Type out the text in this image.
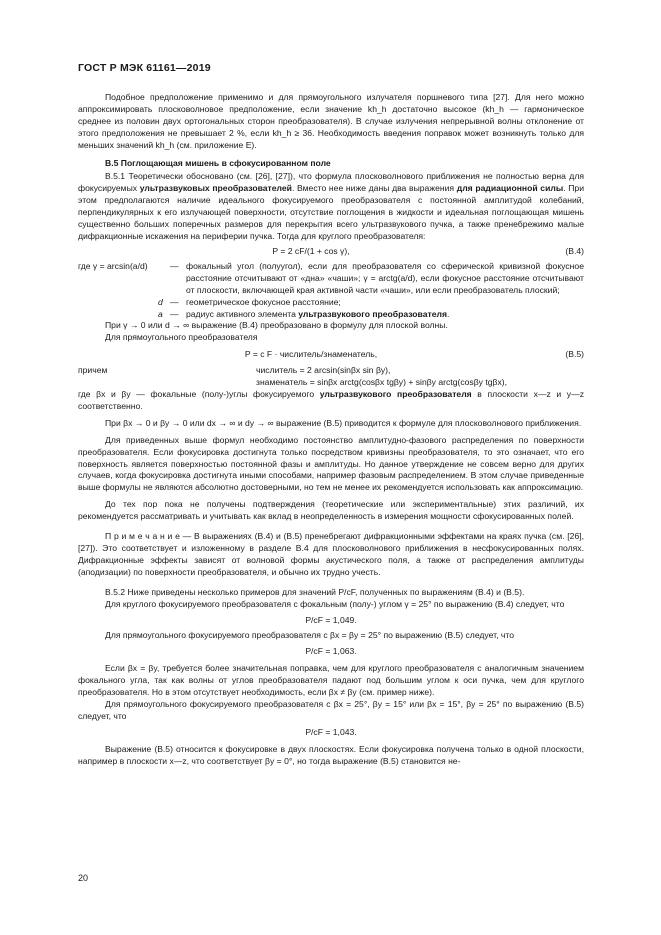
ГОСТ Р МЭК 61161—2019

Подобное предположение применимо и для прямоугольного излучателя поршневого типа [27]. Для него можно аппроксимировать плосковолновое предположение, если значение kh_h достаточно высокое (kh_h — гармоническое среднее из половин двух ортогональных сторон преобразователя). В случае излучения непрерывной волны отклонение от этого предположения не превышает 2 %, если kh_h ≥ 36. Необходимость введения поправок может возникнуть только для меньших значений kh_h (см. приложение Е).

В.5 Поглощающая мишень в сфокусированном поле

В.5.1 Теоретически обосновано (см. [26], [27]), что формула плосковолнового приближения не полностью верна для фокусируемых ультразвуковых преобразователей. Вместо нее ниже даны два выражения для радиационной силы. При этом предполагаются наличие идеального фокусируемого преобразователя с постоянной амплитудой колебаний, перпендикулярных к его излучающей поверхности, отсутствие поглощения в жидкости и идеальная поглощающая мишень существенно больших поперечных размеров для перекрытия всего ультразвукового пучка, а также пренебрежимо малые дифракционные искажения на периферии пучка. Тогда для круглого преобразователя:

P = 2 cF/(1 + cos γ),	(В.4)
где γ = arcsin(a/d)	— фокальный угол (полуугол), если для преобразователя со сферической кривизной фокусное расстояние отсчитывают от «дна» «чаши»; γ = arctg(a/d), если фокусное расстояние отсчитывают от плоскости, включающей края активной части «чаши», или если преобразователь плоский;
d — геометрическое фокусное расстояние;
a — радиус активного элемента ультразвукового преобразователя.

При γ → 0 или d → ∞ выражение (В.4) преобразовано в формулу для плоской волны.

Для прямоугольного преобразователя

P = c F · числитель/знаменатель,	(В.5)
причем	числитель = 2 arcsin(sinβx sin βy),
знаменатель = sinβx arctg(cosβx tgβy) + sinβy arctg(cosβy tgβx),

где βx и βy — фокальные (полу-)углы фокусируемого ультразвукового преобразователя в плоскости x—z и y—z соответственно.

При βx → 0 и βy → 0 или dx → ∞ и dy → ∞ выражение (В.5) приводится к формуле для плосковолнового приближения.

Для приведенных выше формул необходимо постоянство амплитудно-фазового распределения по поверхности преобразователя. Если фокусировка достигнута только посредством кривизны преобразователя, то это означает, что его поверхность является поверхностью постоянной фазы и амплитуды. Но данное утверждение не совсем верно для других случаев, когда фокусировка достигнута иными способами, например фазовым распределением. В этом случае приведенные выше формулы не являются абсолютно достоверными, но тем не менее их рекомендуется использовать как аппроксимацию.

До тех пор пока не получены подтверждения (теоретические или экспериментальные) этих различий, их рекомендуется рассматривать и учитывать как вклад в неопределенность в измерения мощности сфокусированных полей.

П р и м е ч а н и е — В выражениях (В.4) и (В.5) пренебрегают дифракционными эффектами на краях пучка (см. [26], [27]). Это соответствует и изложенному в разделе В.4 для плосковолнового приближения в несфокусированных полях. Дифракционные эффекты зависят от волновой формы акустического поля, а также от распределения амплитуды (аподизации) по поверхности преобразователя, и обычно их трудно учесть.

В.5.2 Ниже приведены несколько примеров для значений P/cF, полученных по выражениям (В.4) и (В.5).

Для круглого фокусируемого преобразователя с фокальным (полу-) углом γ = 25° по выражению (В.4) следует, что

P/cF = 1,049.

Для прямоугольного фокусируемого преобразователя с βx = βy = 25° по выражению (В.5) следует, что

P/cF = 1,063.

Если βx = βy, требуется более значительная поправка, чем для круглого преобразователя с аналогичным значением фокального угла, так как волны от углов преобразователя падают под большим углом к оси пучка, чем для круглого преобразователя. Но в этом отсутствует необходимость, если βx ≠ βy (см. пример ниже).

Для прямоугольного фокусируемого преобразователя с βx = 25°, βy = 15° или βx = 15°, βy = 25° по выражению (В.5) следует, что

P/cF = 1,043.

Выражение (В.5) относится к фокусировке в двух плоскостях. Если фокусировка получена только в одной плоскости, например в плоскости x—z, что соответствует βy = 0°, но тогда выражение (В.5) становится не-

20
